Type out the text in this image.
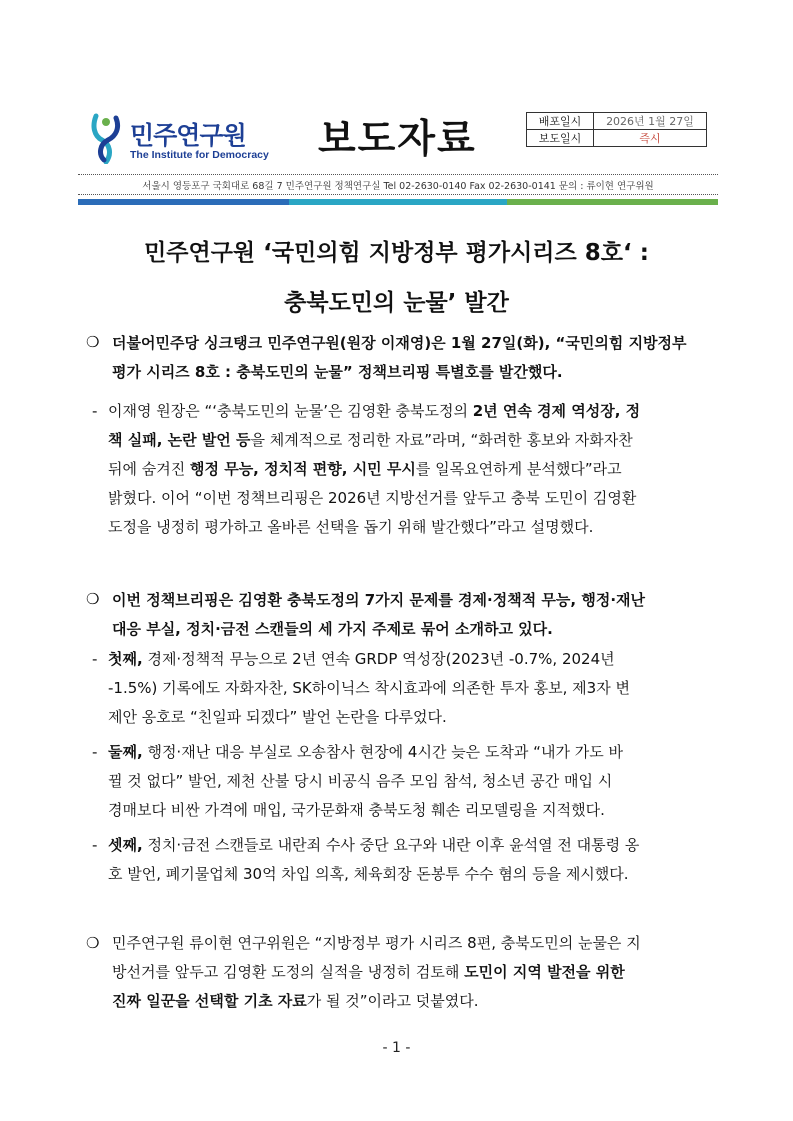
민주연구원
The Institute for Democracy 보도자료	배포일시	2026년 1월 27일
보도일시	즉시
서울시 영등포구 국회대로 68길 7 민주연구원 정책연구실 Tel 02-2630-0140 Fax 02-2630-0141 문의 : 류이현 연구위원
민주연구원 ‘국민의힘 지방정부 평가시리즈 8호‘ :
충북도민의 눈물’ 발간
❍ 더불어민주당 싱크탱크 민주연구원(원장 이재영)은 1월 27일(화), “국민의힘 지방정부
평가 시리즈 8호 : 충북도민의 눈물” 정책브리핑 특별호를 발간했다.
- 이재영 원장은 “‘충북도민의 눈물’은 김영환 충북도정의 2년 연속 경제 역성장, 정
책 실패, 논란 발언 등을 체계적으로 정리한 자료”라며, “화려한 홍보와 자화자찬
뒤에 숨겨진 행정 무능, 정치적 편향, 시민 무시를 일목요연하게 분석했다”라고
밝혔다. 이어 “이번 정책브리핑은 2026년 지방선거를 앞두고 충북 도민이 김영환
도정을 냉정히 평가하고 올바른 선택을 돕기 위해 발간했다”라고 설명했다.
❍ 이번 정책브리핑은 김영환 충북도정의 7가지 문제를 경제·정책적 무능, 행정·재난
대응 부실, 정치·금전 스캔들의 세 가지 주제로 묶어 소개하고 있다.
- 첫째, 경제·정책적 무능으로 2년 연속 GRDP 역성장(2023년 -0.7%, 2024년
-1.5%) 기록에도 자화자찬, SK하이닉스 착시효과에 의존한 투자 홍보, 제3자 변
제안 옹호로 “친일파 되겠다” 발언 논란을 다루었다.
- 둘째, 행정·재난 대응 부실로 오송참사 현장에 4시간 늦은 도착과 “내가 가도 바
뀔 것 없다” 발언, 제천 산불 당시 비공식 음주 모임 참석, 청소년 공간 매입 시
경매보다 비싼 가격에 매입, 국가문화재 충북도청 훼손 리모델링을 지적했다.
- 셋째, 정치·금전 스캔들로 내란죄 수사 중단 요구와 내란 이후 윤석열 전 대통령 옹
호 발언, 폐기물업체 30억 차입 의혹, 체육회장 돈봉투 수수 혐의 등을 제시했다.
❍ 민주연구원 류이현 연구위원은 “지방정부 평가 시리즈 8편, 충북도민의 눈물은 지
방선거를 앞두고 김영환 도정의 실적을 냉정히 검토해 도민이 지역 발전을 위한
진짜 일꾼을 선택할 기초 자료가 될 것”이라고 덧붙였다.
- 1 -
